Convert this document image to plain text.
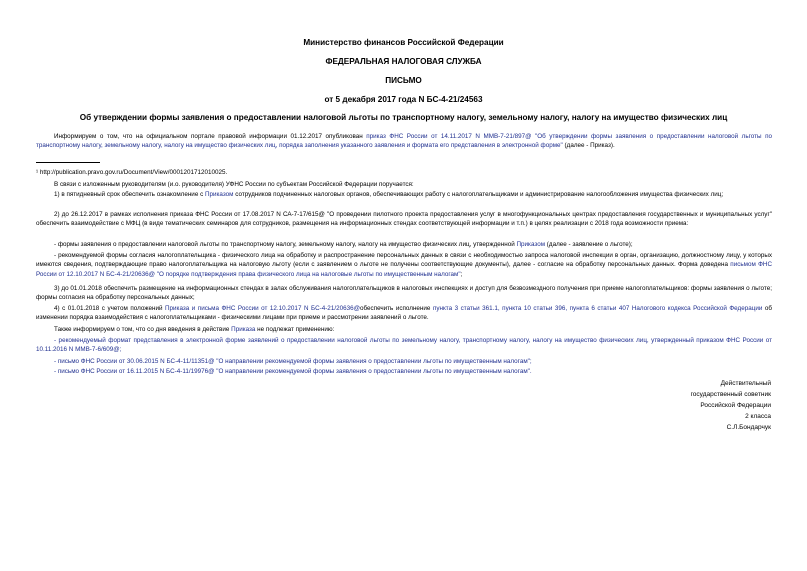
Министерство финансов Российской Федерации
ФЕДЕРАЛЬНАЯ НАЛОГОВАЯ СЛУЖБА
ПИСЬМО
от 5 декабря 2017 года N БС-4-21/24563
Об утверждении формы заявления о предоставлении налоговой льготы по транспортному налогу, земельному налогу, налогу на имущество физических лиц
Информируем о том, что на официальном портале правовой информации 01.12.2017 опубликован приказ ФНС России от 14.11.2017 N ММВ-7-21/897@ "Об утверждении формы заявления о предоставлении налоговой льготы по транспортному налогу, земельному налогу, налогу на имущество физических лиц, порядка заполнения указанного заявления и формата его представления в электронной форме" (далее - Приказ).
¹ http://publication.pravo.gov.ru/Document/View/0001201712010025.
В связи с изложенным руководителям (и.о. руководителя) УФНС России по субъектам Российской Федерации поручается:
1) в пятидневный срок обеспечить ознакомление с Приказом сотрудников подчиненных налоговых органов, обеспечивающих работу с налогоплательщиками и администрирование налогообложения имущества физических лиц;
2) до 26.12.2017 в рамках исполнения приказа ФНС России от 17.08.2017 N СА-7-17/615@ "О проведении пилотного проекта предоставления услуг в многофункциональных центрах предоставления государственных и муниципальных услуг" обеспечить взаимодействие с МФЦ (в виде тематических семинаров для сотрудников, размещения на информационных стендах соответствующей информации и т.п.) в целях реализации с 2018 года возможности приема:
- формы заявления о предоставлении налоговой льготы по транспортному налогу, земельному налогу, налогу на имущество физических лиц, утвержденной Приказом (далее - заявление о льготе);
- рекомендуемой формы согласия налогоплательщика - физического лица на обработку и распространение персональных данных в связи с необходимостью запроса налоговой инспекции в орган, организацию, должностному лицу, у которых имеются сведения, подтверждающие право налогоплательщика на налоговую льготу (если с заявлением о льготе не получены соответствующие документы), далее - согласие на обработку персональных данных. Форма доведена письмом ФНС России от 12.10.2017 N БС-4-21/20636@ "О порядке подтверждения права физического лица на налоговые льготы по имущественным налогам";
3) до 01.01.2018 обеспечить размещение на информационных стендах в залах обслуживания налогоплательщиков в налоговых инспекциях и доступ для безвозмездного получения при приеме налогоплательщиков: формы заявления о льготе; формы согласия на обработку персональных данных;
4) с 01.01.2018 с учетом положений Приказа и письма ФНС России от 12.10.2017 N БС-4-21/20636@обеспечить исполнение пункта 3 статьи 361.1, пункта 10 статьи 396, пункта 6 статьи 407 Налогового кодекса Российской Федерации об изменении порядка взаимодействия с налогоплательщиками - физическими лицами при приеме и рассмотрении заявлений о льготе.
Также информируем о том, что со дня введения в действие Приказа не подлежат применению:
- рекомендуемый формат представления в электронной форме заявлений о предоставлении налоговой льготы по земельному налогу, транспортному налогу, налогу на имущество физических лиц, утвержденный приказом ФНС России от 10.11.2016 N ММВ-7-6/609@;
- письмо ФНС России от 30.06.2015 N БС-4-11/11351@ "О направлении рекомендуемой формы заявления о предоставлении льготы по имущественным налогам";
- письмо ФНС России от 16.11.2015 N БС-4-11/19976@ "О направлении рекомендуемой формы заявления о предоставлении льготы по имущественным налогам".
Действительный
государственный советник
Российской Федерации
2 класса
С.Л.Бондарчук
